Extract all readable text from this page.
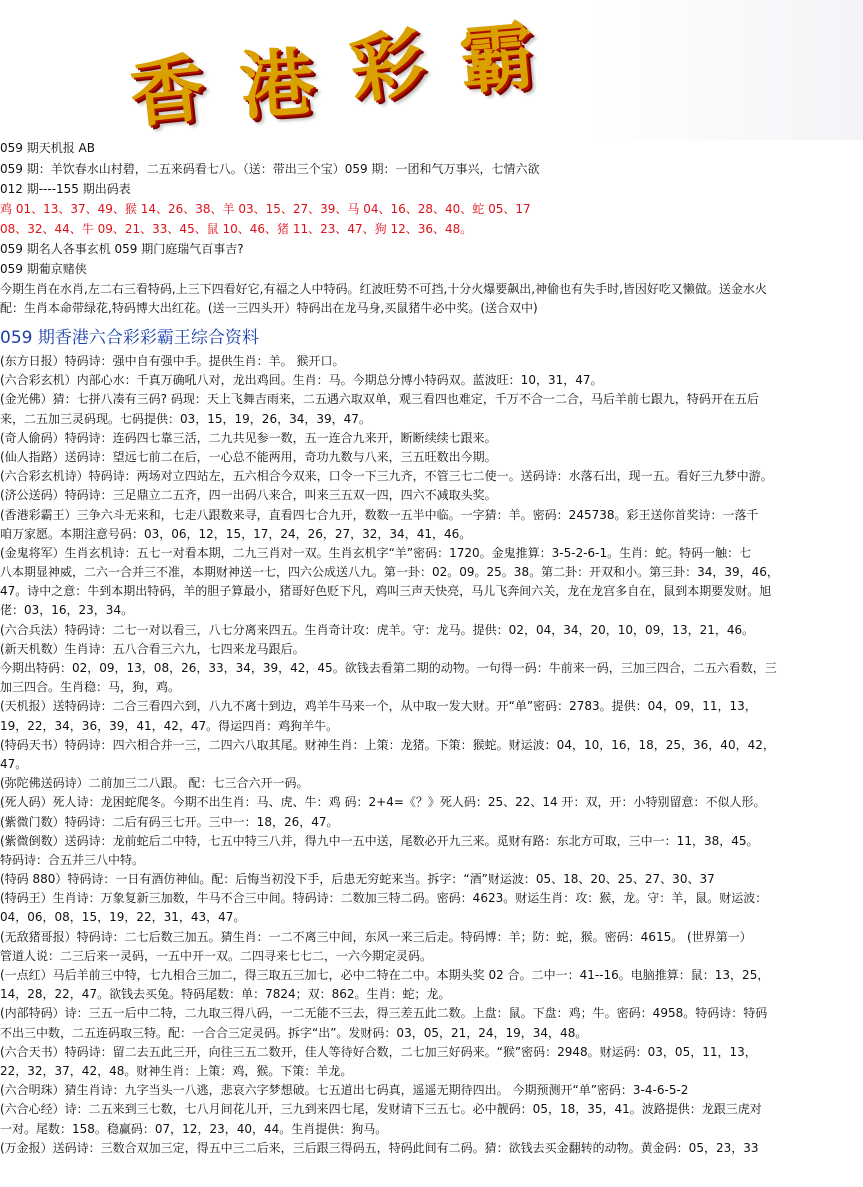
香 港 彩 霸
059 期天机报 AB
059 期：羊饮春水山村碧，二五来码看七八。（送：带出三个宝）059 期：一团和气万事兴，七情六欲
012 期----155 期出码表
鸡 01、13、37、49、猴 14、26、38、羊 03、15、27、39、马 04、16、28、40、蛇 05、17
08、32、44、牛 09、21、33、45、鼠 10、46、猪 11、23、47、狗 12、36、48。
059 期名人各事玄机 059 期门庭瑞气百事吉?
059 期葡京赌侠
今期生肖在水肖,左二右三看特码,上三下四看好它,有福之人中特码。红波旺势不可挡,十分火爆要飙出,神偷也有失手时,皆因好吃又懒做。送金水火
配：生肖本命带绿花,特码博大出红花。(送一三四头开）特码出在龙马身,买鼠猪牛必中奖。(送合双中)
059 期香港六合彩彩霸王综合资料
(东方日报）特码诗：强中自有强中手。提供生肖：羊。 猴开口。
(六合彩玄机）内部心水：千真万确吼八对，龙出鸡回。生肖：马。今期总分博小特码双。蓝波旺：10，31，47。
(金光佛）猜：七拼八凑有三码? 码现：天上飞舞吉雨来，二五遇六取双单，观三看四也难定，千万不合一二合，马后羊前七跟九，特码开在五后
来，二五加三灵码现。七码提供：03，15，19，26，34，39，47。
(奇人偷码）特码诗：连码四七靠三活，二九共见参一数，五一连合九来开，断断续续七跟来。
(仙人指路）送码诗：望远七前二在后，一心总不能两用，奇功九数与八来，三五旺数出今期。
(六合彩玄机诗）特码诗：两场对立四站左，五六相合今双来，口令一下三九齐，不管三七二使一。送码诗：水落石出，现一五。看好三九梦中游。
(济公送码）特码诗：三足鼎立二五齐，四一出码八来合，叫来三五双一四，四六不减取头奖。
(香港彩霸王）三争六斗无来和，七走八跟数来寻，直看四七合九开，数数一五半中临。一字猜：羊。密码：245738。彩王送你首奖诗：一落千
咱万家愿。本期注意号码：03，06，12，15，17，24，26，27，32，34，41，46。
(金鬼将军）生肖玄机诗：五七一对看本期，二九三肖对一双。生肖玄机字“羊”密码：1720。金鬼推算：3-5-2-6-1。生肖：蛇。特码一触：七
八本期显神威，二六一合并三不准，本期财神送一七，四六公成送八九。第一卦：02。09。25。38。第二卦：开双和小。第三卦：34，39，46，
47。诗中之意：牛到本期出特码，羊的胆子算最小，猪哥好色贬下凡，鸡叫三声天快亮，马儿飞奔间六关，龙在龙宫多自在，鼠到本期要发财。旭
佬：03，16，23，34。
(六合兵法）特码诗：二七一对以看三，八七分离来四五。生肖奇计攻：虎羊。守：龙马。提供：02，04，34，20，10，09，13，21，46。
(新天机数）生肖诗：五八合看三六九，七四来龙马跟后。
今期出特码：02，09，13，08，26，33，34，39，42，45。欲钱去看第二期的动物。一句得一码：牛前来一码，三加三四合，二五六看数，三
加三四合。生肖稳：马，狗，鸡。
(天机报）送特码诗：二合三看四六到，八九不离十到边，鸡羊牛马来一个，从中取一发大财。开“单”密码：2783。提供：04，09，11，13，
19，22，34，36，39，41，42，47。得运四肖：鸡狗羊牛。
(特码天书）特码诗：四六相合并一三，二四六八取其尾。财神生肖：上策：龙猪。下策：猴蛇。财运波：04，10，16，18，25，36，40，42，
47。
(弥陀佛送码诗）二前加三二八跟。 配：七三合六开一码。
(死人码）死人诗：龙困蛇爬冬。今期不出生肖：马、虎、牛：鸡 码：2+4=《？》死人码：25、22、14 开：双，开：小特别留意：不似人形。
(紫微门数）特码诗：二后有码三七开。三中一：18，26，47。
(紫微倒数）送码诗：龙前蛇后二中特，七五中特三八并，得九中一五中送，尾数必开九三来。觅财有路：东北方可取，三中一：11，38，45。
特码诗：合五并三八中特。
(特码 880）特码诗：一日有酒仿神仙。配：后悔当初没下手，后患无穷蛇来当。拆字：“酒”财运波：05、18、20、25、27、30、37
(特码王）生肖诗：万象复新三加数，牛马不合三中间。特码诗：二数加三特二码。密码：4623。财运生肖：攻：猴，龙。守：羊，鼠。财运波：
04，06，08，15，19，22，31，43，47。
(无敌猪哥报）特码诗：二七后数三加五。猜生肖：一二不离三中间，东风一来三后走。特码博：羊；防：蛇，猴。密码：4615。 (世界第一）
管道人说：二三后来一灵码，一五中开一双。二四寻来七七二，一六今期定灵码。
(一点红）马后羊前三中特，七九相合三加二，得三取五三加七，必中二特在二中。本期头奖 02 合。二中一：41--16。电脑推算：鼠：13，25，
14，28，22，47。欲钱去买兔。特码尾数：单：7824；双：862。生肖：蛇；龙。
(内部特码）诗：三五一后中二特，二九取三得八码，一二无能不三去，得三差五此二数。上盘：鼠。下盘：鸡；牛。密码：4958。特码诗：特码
不出三中数，二五连码取三特。配：一合合三定灵码。拆字“出”。发财码：03，05，21，24，19，34，48。
(六合天书）特码诗：留二去五此三开，向往三五二数开，佳人等待好合数，二七加三好码来。“猴”密码：2948。财运码：03，05，11，13，
22，32，37，42，48。财神生肖：上策：鸡，猴。下策：羊龙。
(六合明珠）猜生肖诗：九字当头一八逃，悲哀六字梦想破。七五道出七码真，遥遥无期待四出。 今期预测开“单”密码：3-4-6-5-2
(六合心经）诗：二五来到三七数，七八月间花儿开，三九到来四七尾，发财请下三五七。必中靓码：05，18，35，41。波路提供：龙跟三虎对
一对。尾数：158。稳赢码：07，12，23，40，44。生肖提供：狗马。
(万金报）送码诗：三数合双加三定，得五中三二后来，三后跟三得码五，特码此间有二码。猜：欲钱去买金翻转的动物。黄金码：05，23，33
